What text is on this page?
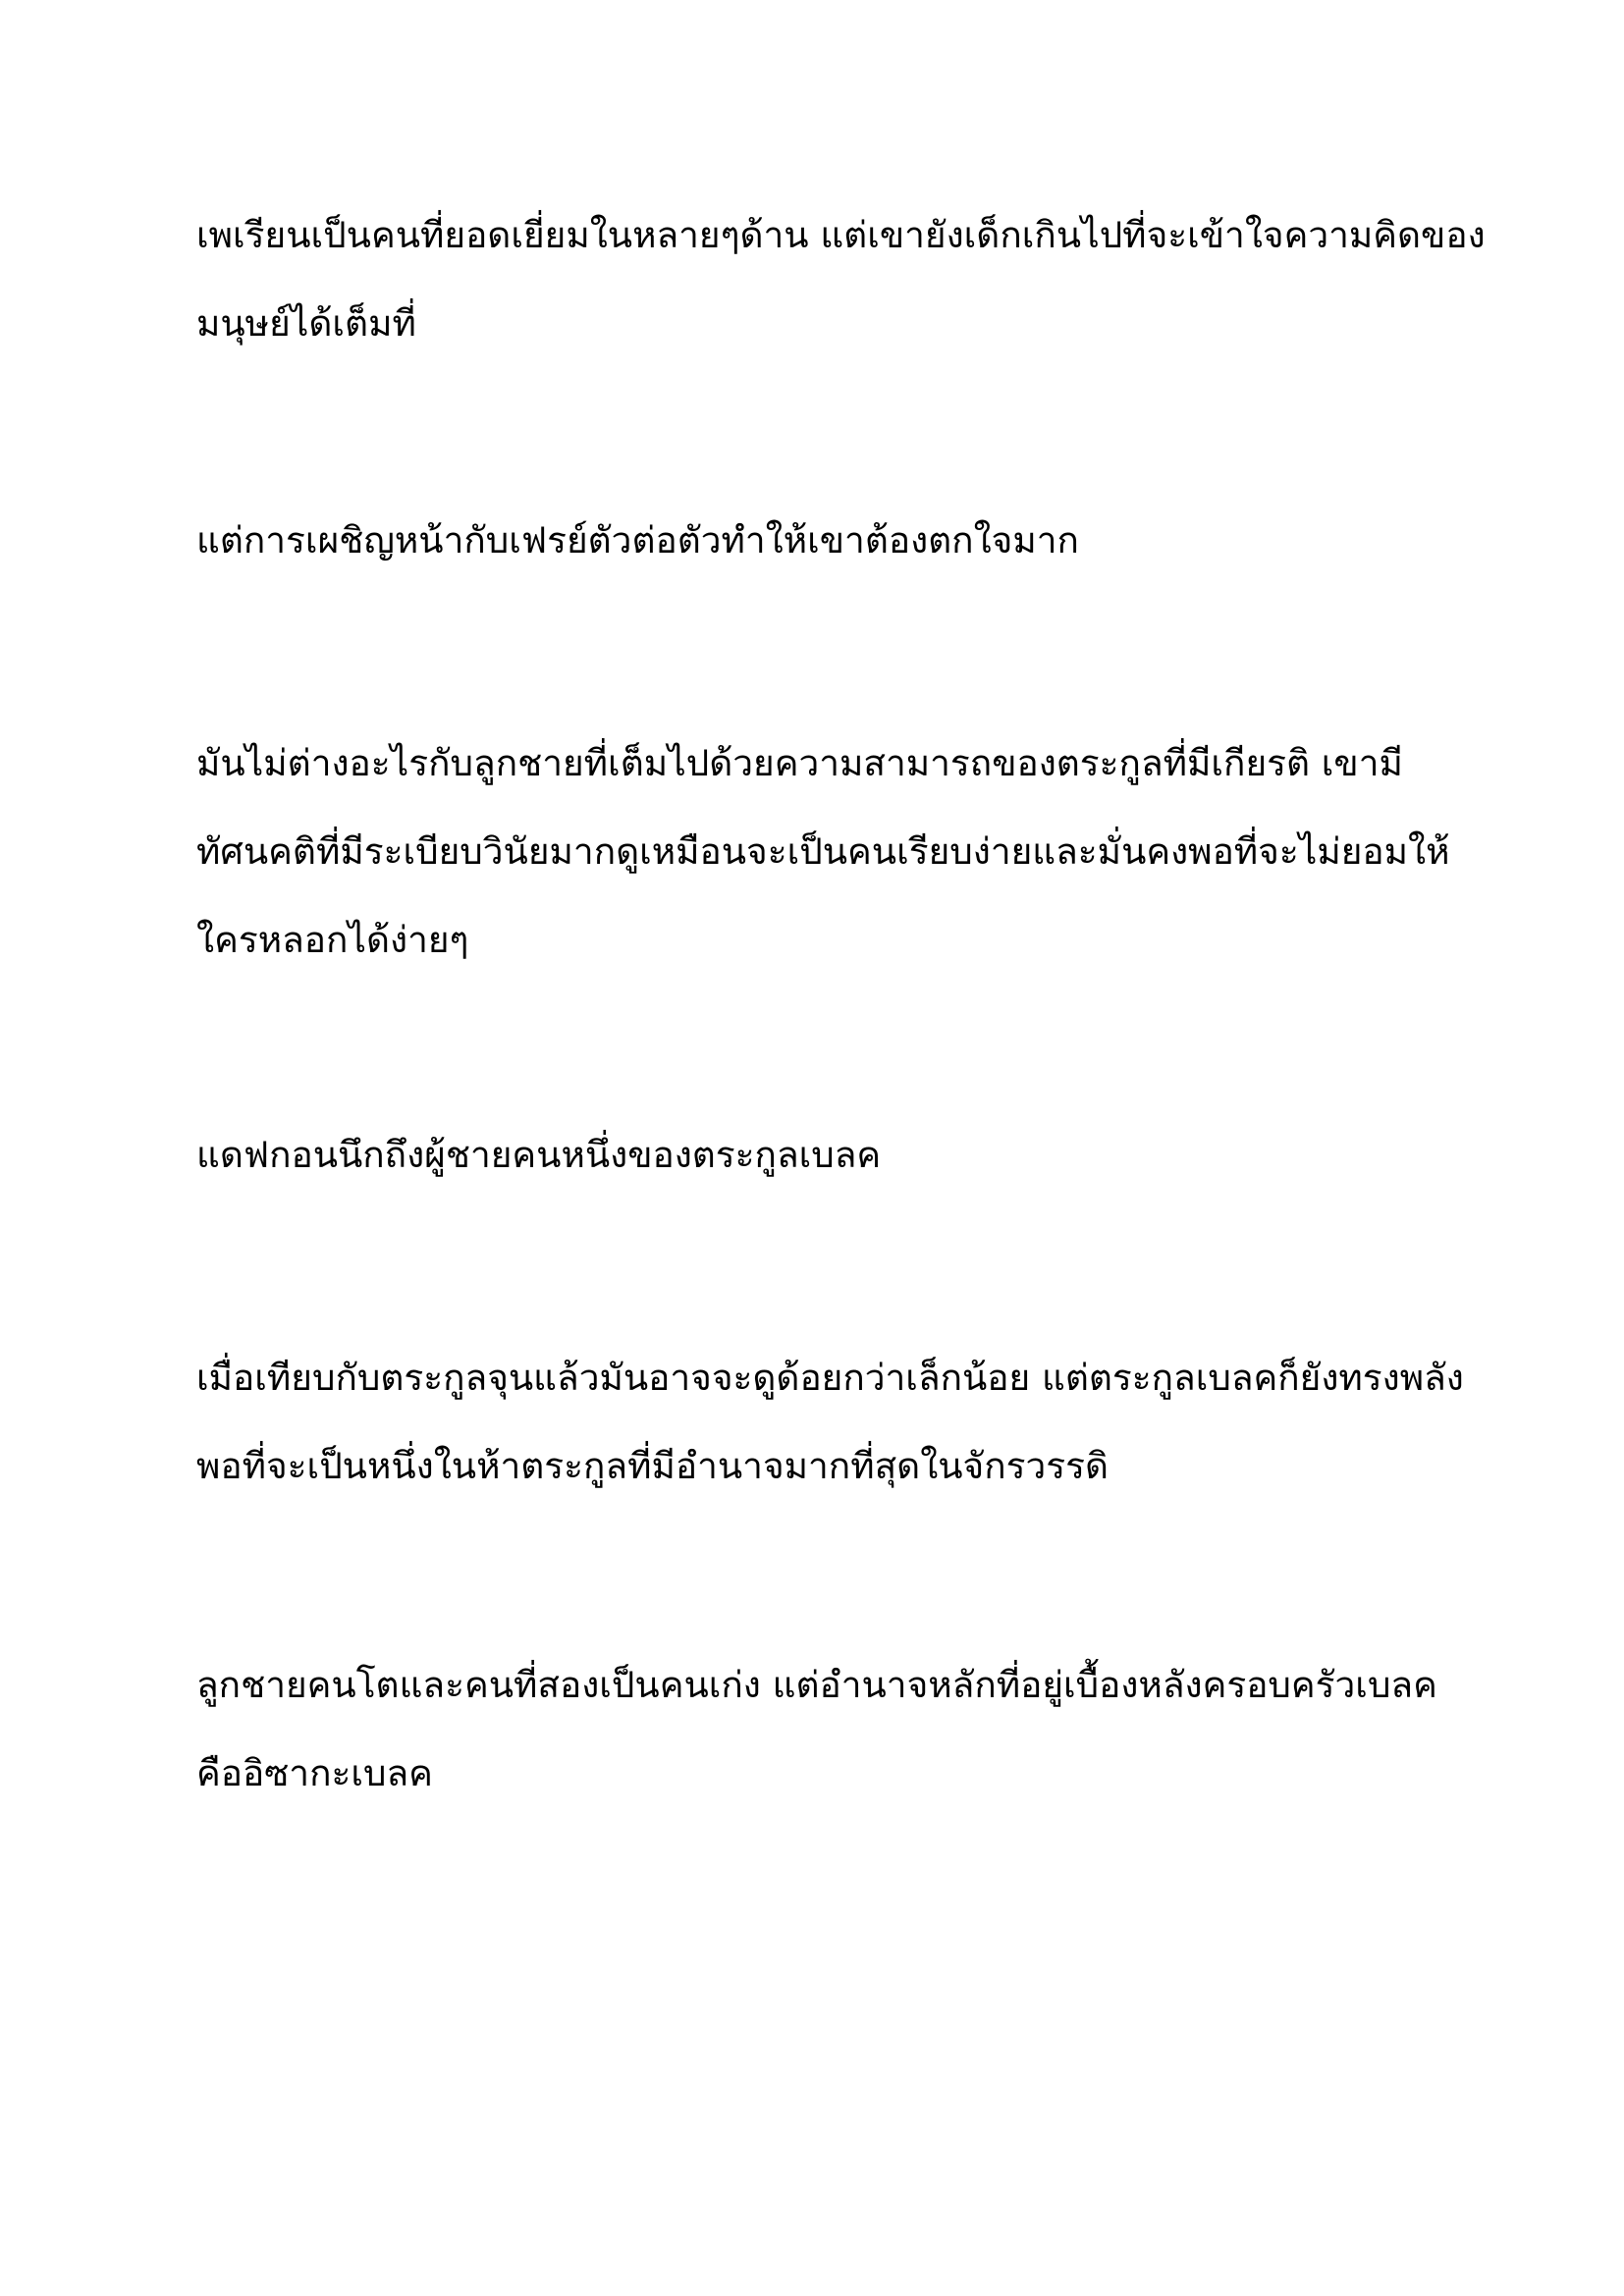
เพเรียนเป็นคนที่ยอดเยี่ยมในหลายๆด้าน แต่เขายังเด็กเกินไปที่จะเข้าใจความคิดของ
มนุษย์ได้เต็มที่

แต่การเผชิญหน้ากับเฟรย์ตัวต่อตัวทำให้เขาต้องตกใจมาก

มันไม่ต่างอะไรกับลูกชายที่เต็มไปด้วยความสามารถของตระกูลที่มีเกียรติ เขามี
ทัศนคติที่มีระเบียบวินัยมากดูเหมือนจะเป็นคนเรียบง่ายและมั่นคงพอที่จะไม่ยอมให้
ใครหลอกได้ง่ายๆ

แดฟกอนนึกถึงผู้ชายคนหนึ่งของตระกูลเบลค

เมื่อเทียบกับตระกูลจุนแล้วมันอาจจะดูด้อยกว่าเล็กน้อย แต่ตระกูลเบลคก็ยังทรงพลัง
พอที่จะเป็นหนึ่งในห้าตระกูลที่มีอำนาจมากที่สุดในจักรวรรดิ

ลูกชายคนโตและคนที่สองเป็นคนเก่ง แต่อำนาจหลักที่อยู่เบื้องหลังครอบครัวเบลค
คืออิซากะเบลค
